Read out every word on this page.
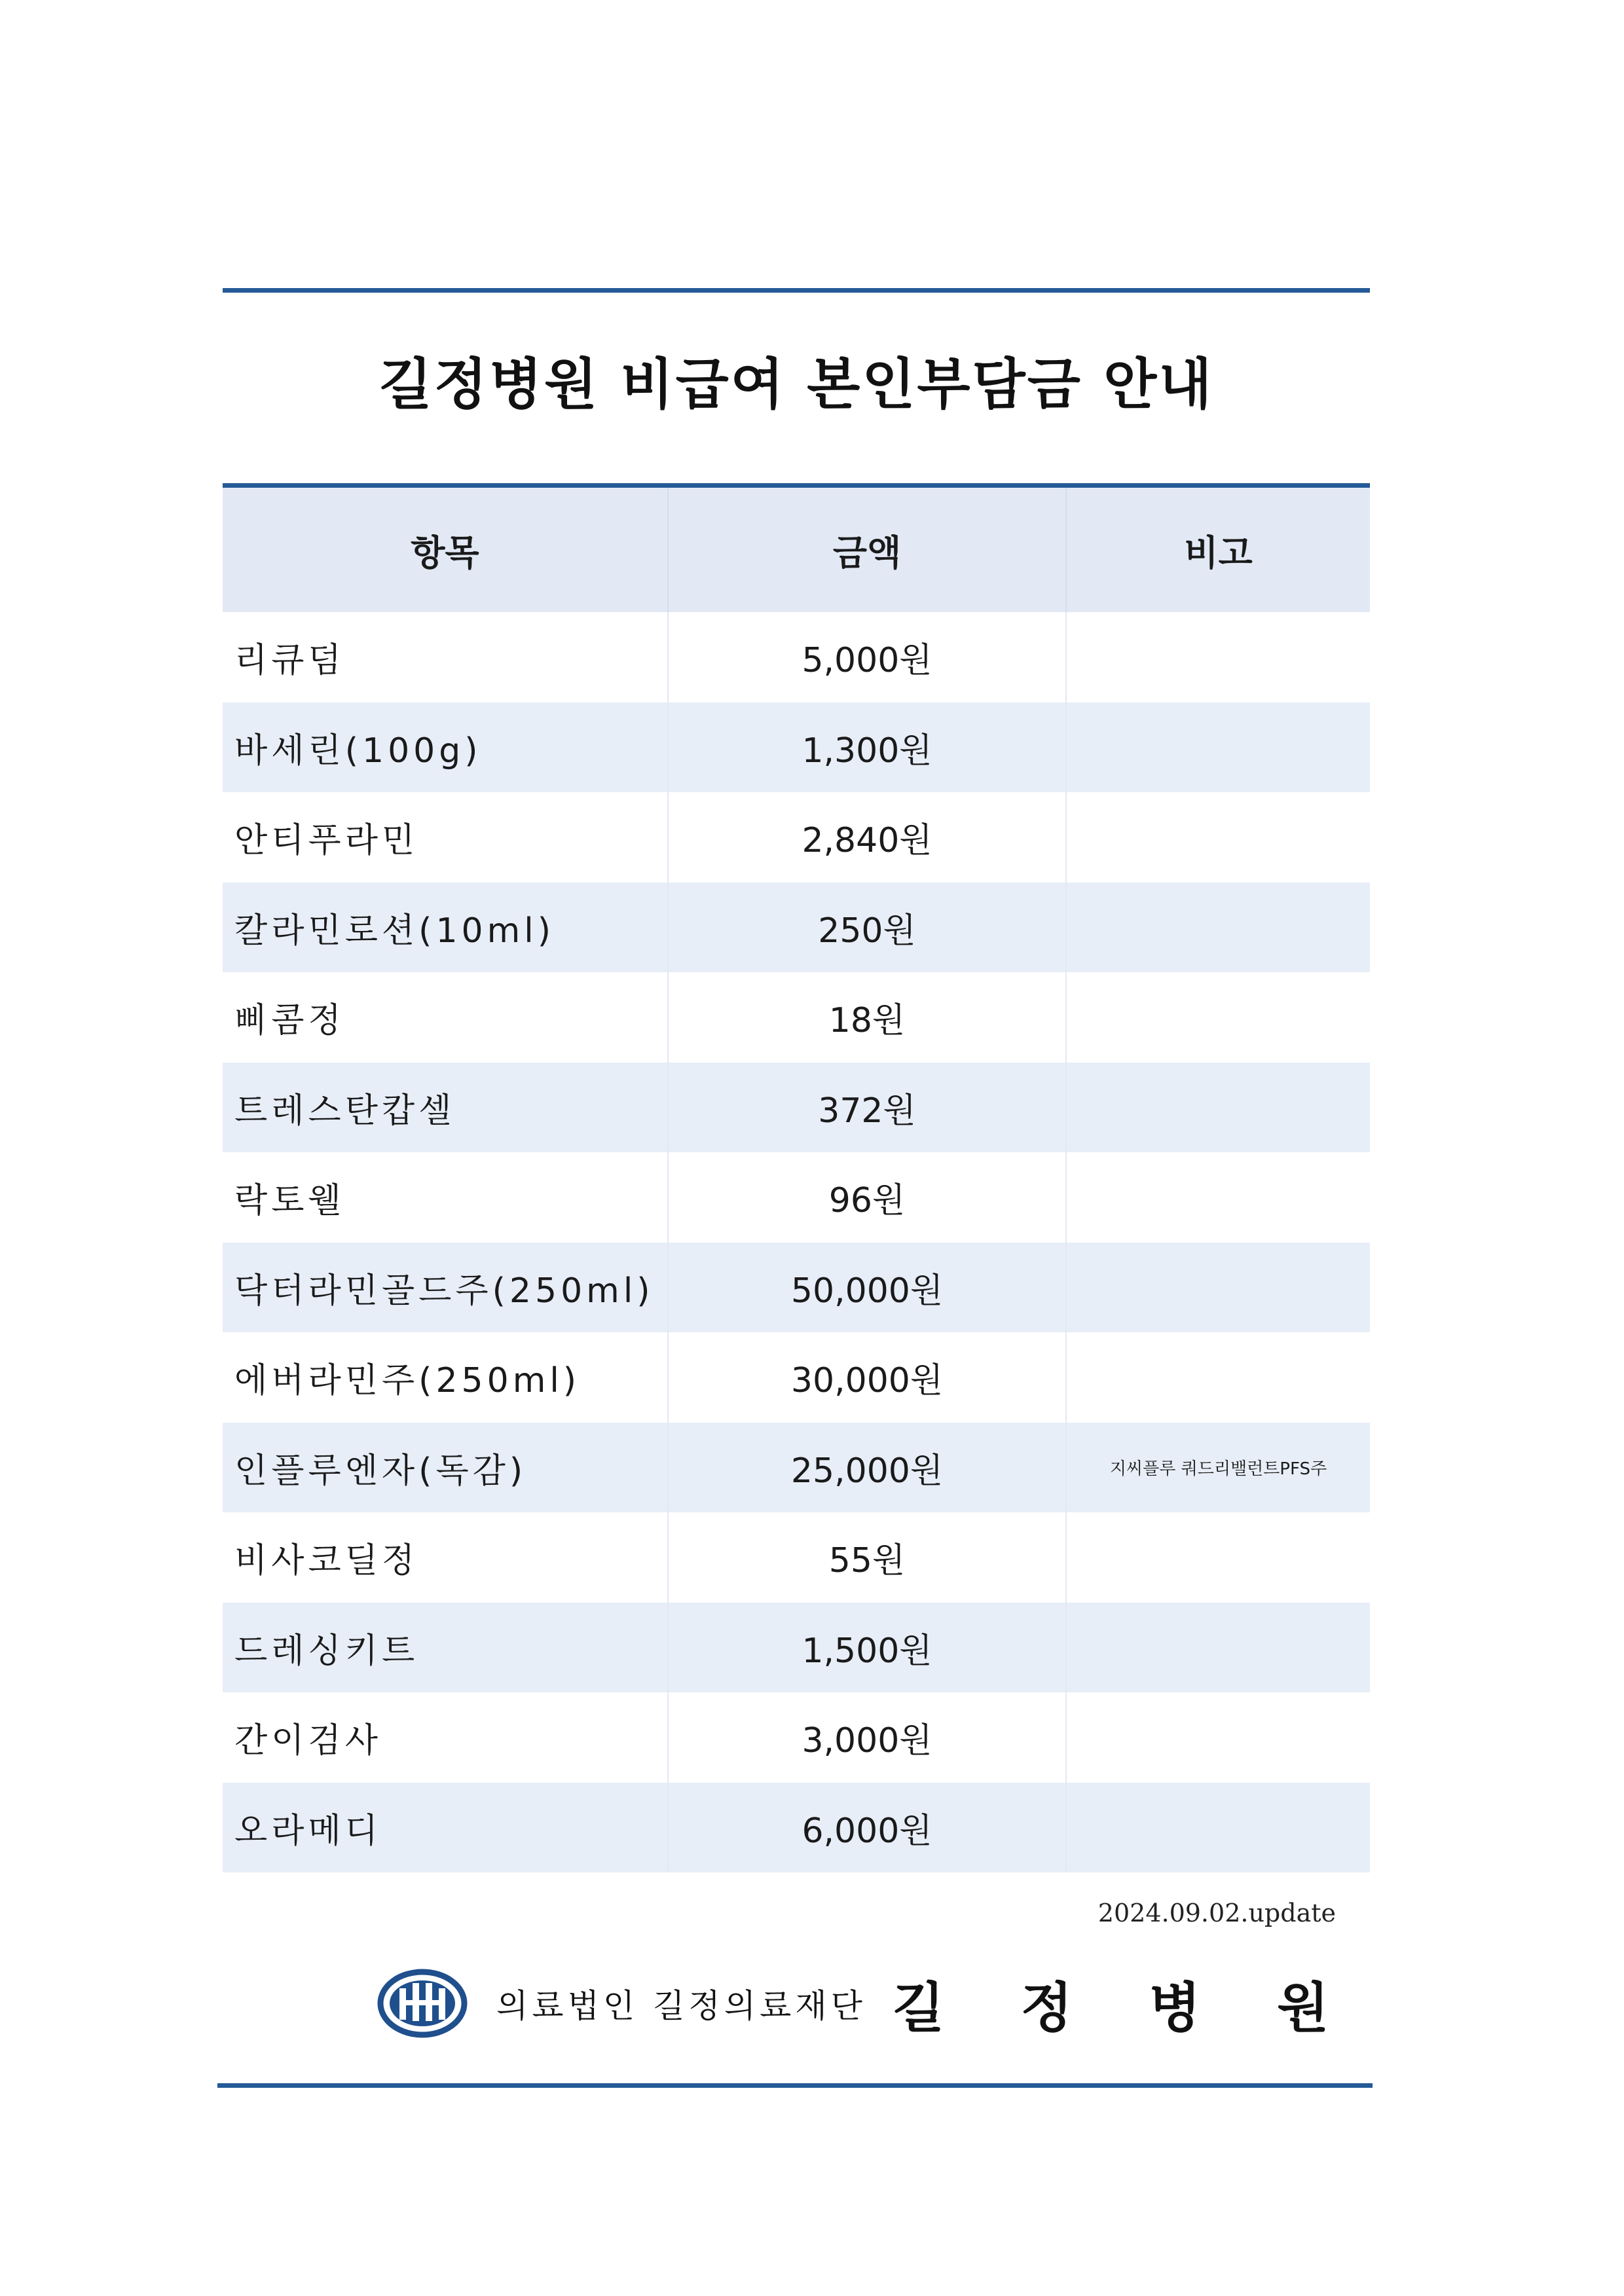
길정병원 비급여 본인부담금 안내
항목	금액	비고
리큐덤	5,000원	
바세린(100g)	1,300원	
안티푸라민	2,840원	
칼라민로션(10ml)	250원	
삐콤정	18원	
트레스탄캅셀	372원	
락토웰	96원	
닥터라민골드주(250ml)	50,000원	
에버라민주(250ml)	30,000원	
인플루엔자(독감)	25,000원	지씨플루 쿼드리밸런트PFS주
비사코딜정	55원	
드레싱키트	1,500원	
간이검사	3,000원	
오라메디	6,000원	
2024.09.02.update
의료법인 길정의료재단 길 정 병 원
